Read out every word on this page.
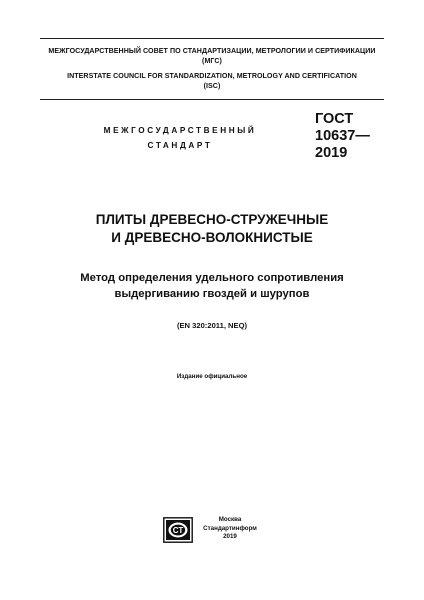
МЕЖГОСУДАРСТВЕННЫЙ СОВЕТ ПО СТАНДАРТИЗАЦИИ, МЕТРОЛОГИИ И СЕРТИФИКАЦИИ
(МГС)
INTERSTATE COUNCIL FOR STANDARDIZATION, METROLOGY AND CERTIFICATION
(ISC)
МЕЖГОСУДАРСТВЕННЫЙ
СТАНДАРТ
ГОСТ
10637—
2019
ПЛИТЫ ДРЕВЕСНО-СТРУЖЕЧНЫЕ
И ДРЕВЕСНО-ВОЛОКНИСТЫЕ
Метод определения удельного сопротивления
выдергиванию гвоздей и шурупов
(EN 320:2011, NEQ)
Издание официальное
СТ
Москва
Стандартинформ
2019
